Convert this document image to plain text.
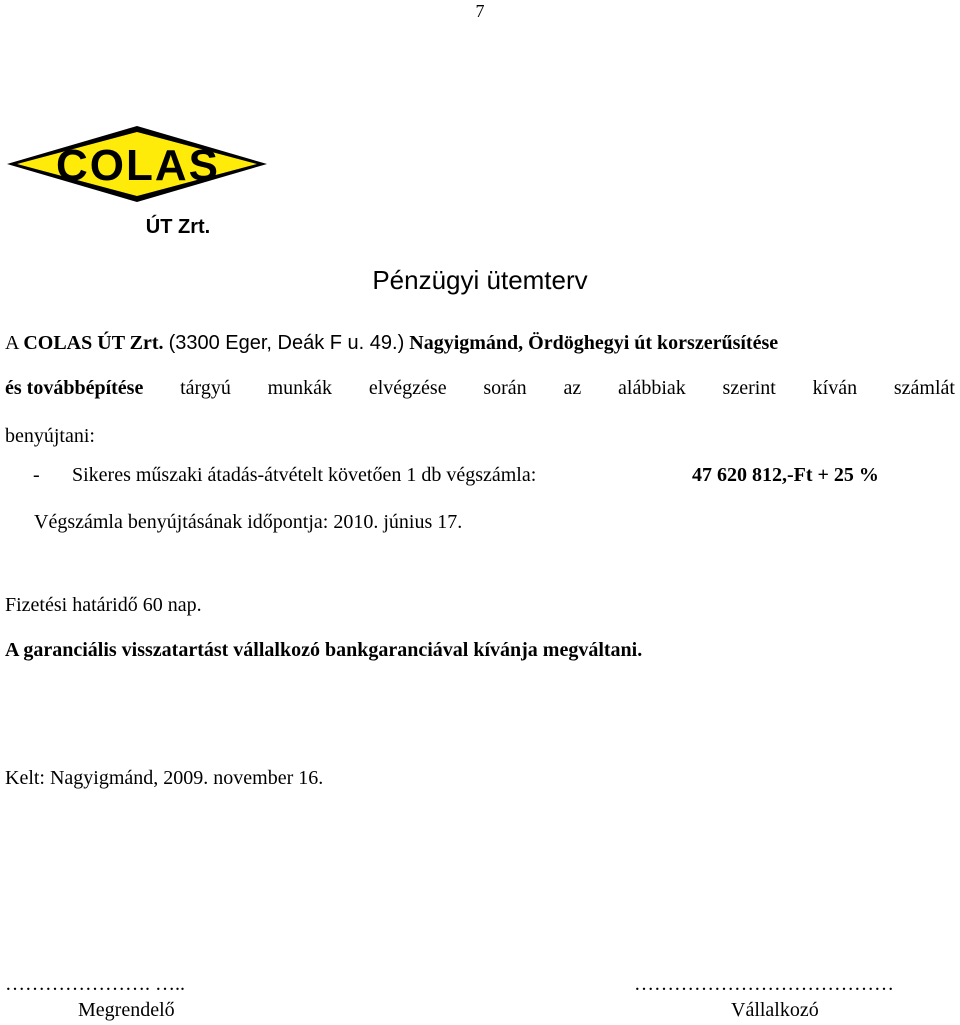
7
COLAS
ÚT Zrt.
Pénzügyi ütemterv
A COLAS ÚT Zrt. (3300 Eger, Deák F u. 49.) Nagyigmánd, Ördöghegyi út korszerűsítése
és továbbépítése tárgyú munkák elvégzése során az alábbiak szerint kíván számlát
benyújtani:
- Sikeres műszaki átadás-átvételt követően 1 db végszámla:	47 620 812,-Ft + 25 %
Végszámla benyújtásának időpontja: 2010. június 17.
Fizetési határidő 60 nap.
A garanciális visszatartást vállalkozó bankgaranciával kívánja megváltani.
Kelt: Nagyigmánd, 2009. november 16.
…………………. …..	…………………………………
Megrendelő	Vállalkozó
